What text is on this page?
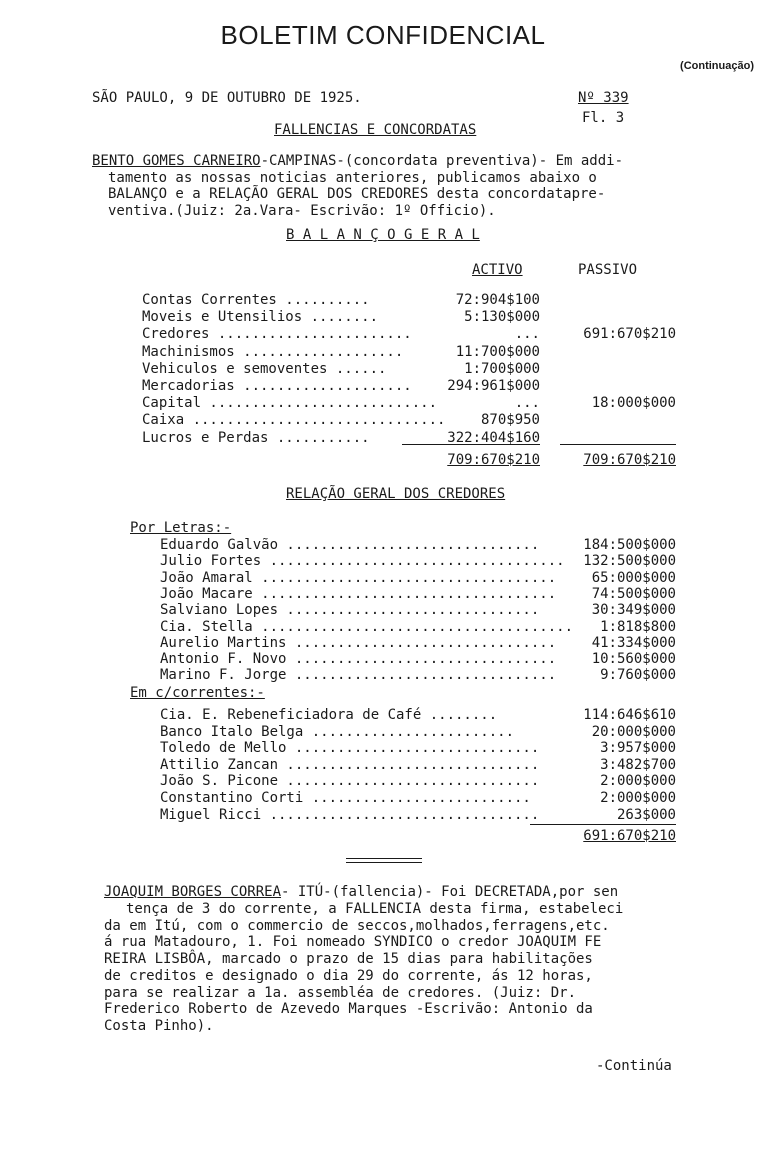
BOLETIM CONFIDENCIAL
(Continuação)
SÃO PAULO, 9 DE OUTUBRO DE 1925.	Nº 339
Fl. 3
FALLENCIAS E CONCORDATAS
BENTO GOMES CARNEIRO-CAMPINAS-(concordata preventiva)- Em addi-
tamento as nossas noticias anteriores, publicamos abaixo o
BALANÇO e a RELAÇÃO GERAL DOS CREDORES desta concordatapre-
ventiva.(Juiz: 2a.Vara- Escrivão: 1º Officio).
B A L A N Ç O G E R A L
ACTIVO	PASSIVO
Contas Correntes ..........	72:904$100
Moveis e Utensilios ........	5:130$000
Credores .......................	...	691:670$210
Machinismos ...................	11:700$000
Vehiculos e semoventes ......	1:700$000
Mercadorias ....................	294:961$000
Capital ...........................	...	18:000$000
Caixa ..............................	870$950
Lucros e Perdas ...........	322:404$160
709:670$210	709:670$210
RELAÇÃO GERAL DOS CREDORES
Por Letras:-
Eduardo Galvão ..............................	184:500$000
Julio Fortes ...................................	132:500$000
João Amaral ...................................	65:000$000
João Macare ...................................	74:500$000
Salviano Lopes ..............................	30:349$000
Cia. Stella .....................................	1:818$800
Aurelio Martins ...............................	41:334$000
Antonio F. Novo ...............................	10:560$000
Marino F. Jorge ...............................	9:760$000
Em c/correntes:-
Cia. E. Rebeneficiadora de Café ........	114:646$610
Banco Italo Belga ........................	20:000$000
Toledo de Mello .............................	3:957$000
Attilio Zancan ..............................	3:482$700
João S. Picone ..............................	2:000$000
Constantino Corti ..........................	2:000$000
Miguel Ricci ................................	263$000
691:670$210
JOAQUIM BORGES CORREA- ITÚ-(fallencia)- Foi DECRETADA,por sen
tença de 3 do corrente, a FALLENCIA desta firma, estabeleci
da em Itú, com o commercio de seccos,molhados,ferragens,etc.
á rua Matadouro, 1. Foi nomeado SYNDICO o credor JOAQUIM FE
REIRA LISBÔA, marcado o prazo de 15 dias para habilitações
de creditos e designado o dia 29 do corrente, ás 12 horas,
para se realizar a 1a. assembléa de credores. (Juiz: Dr.
Frederico Roberto de Azevedo Marques -Escrivão: Antonio da
Costa Pinho).
-Continúa
